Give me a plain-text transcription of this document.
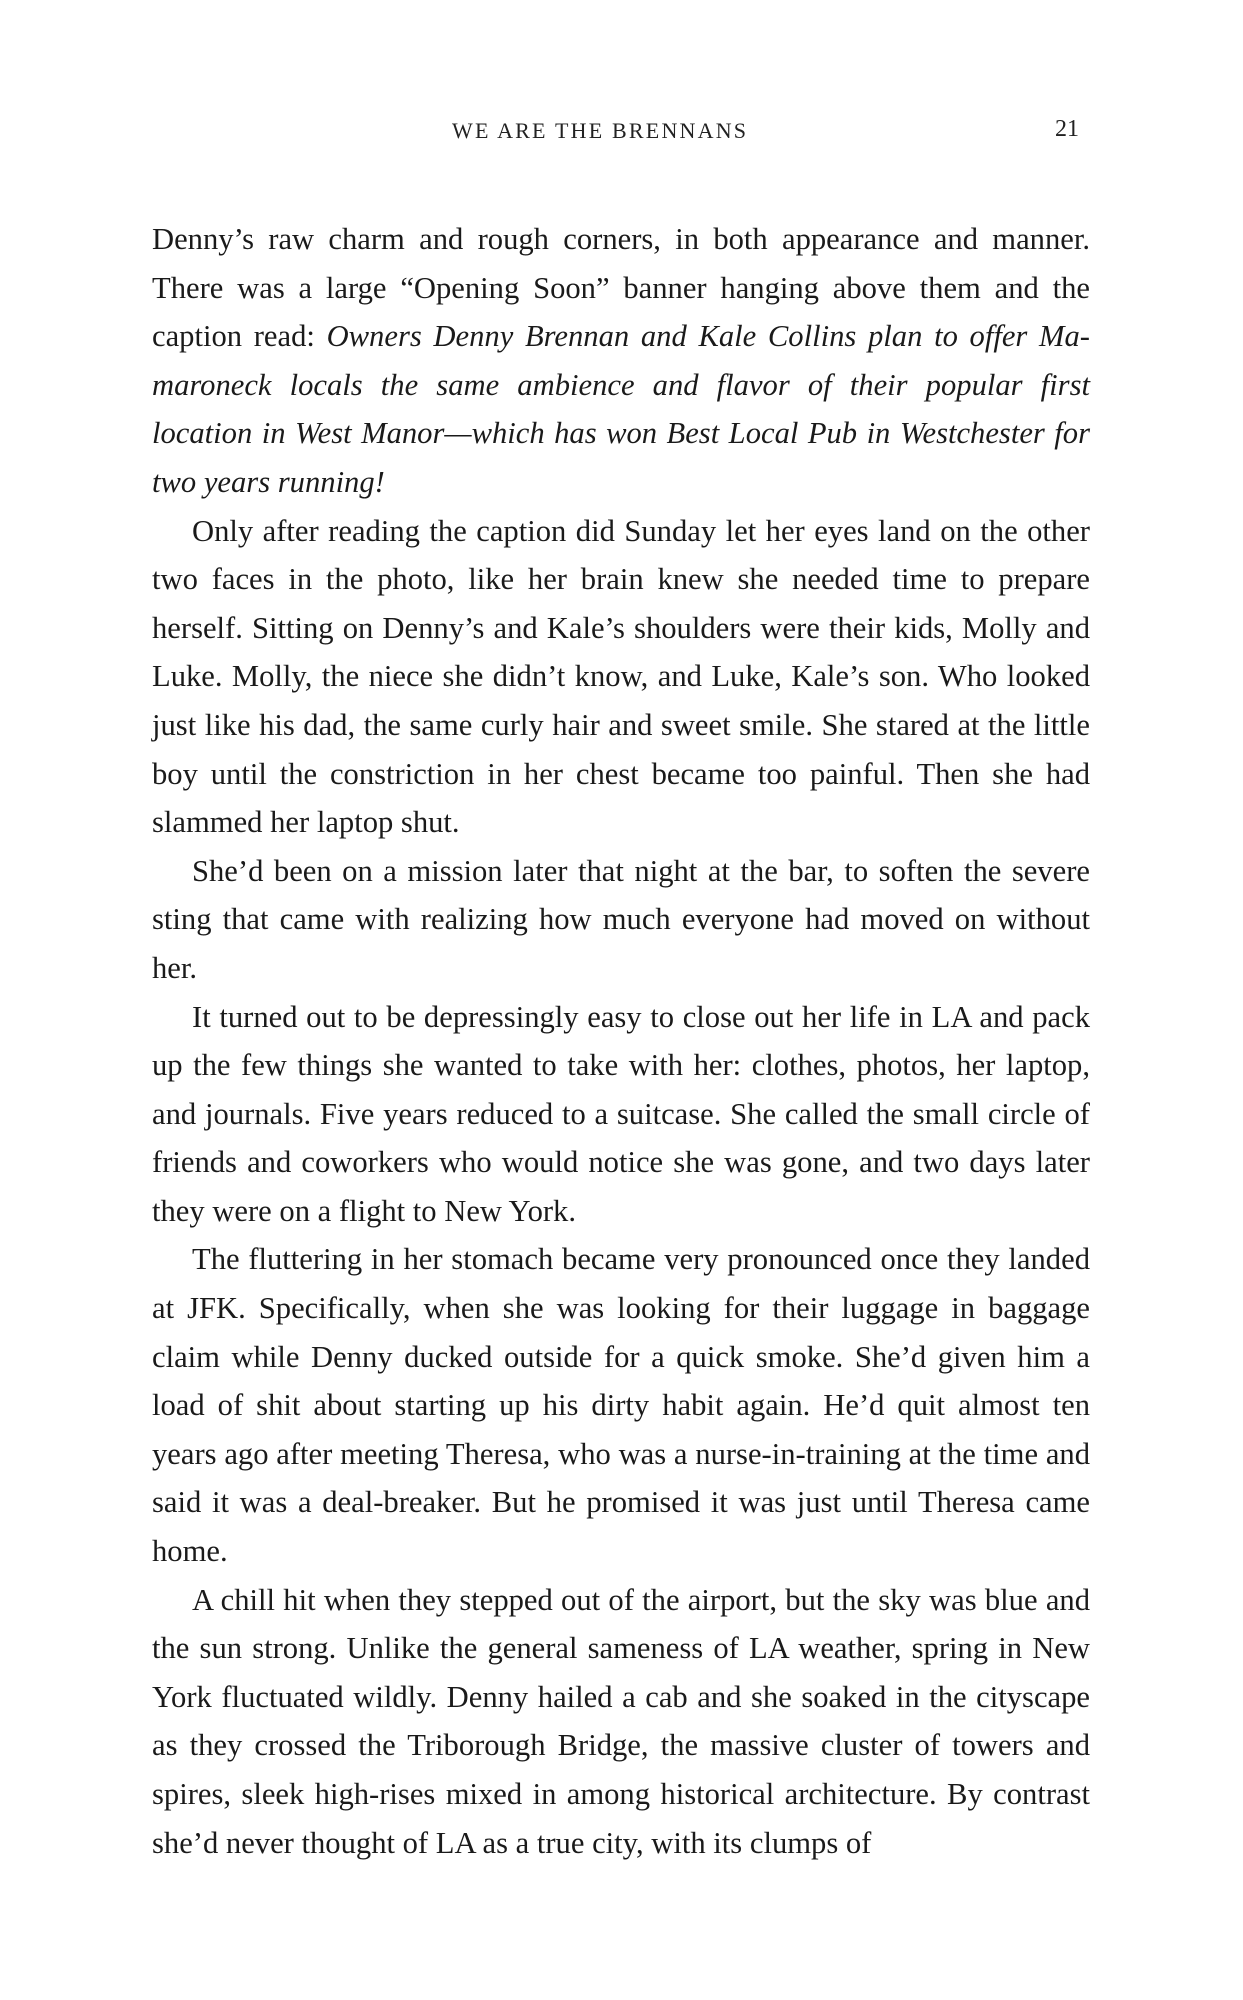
WE ARE THE BRENNANS	21

Denny’s raw charm and rough corners, in both appearance and manner. There was a large “Opening Soon” banner hanging above them and the caption read: Owners Denny Brennan and Kale Collins plan to offer Mamaroneck locals the same ambience and flavor of their popular first location in West Manor—which has won Best Local Pub in Westchester for two years running!

Only after reading the caption did Sunday let her eyes land on the other two faces in the photo, like her brain knew she needed time to prepare herself. Sitting on Denny’s and Kale’s shoulders were their kids, Molly and Luke. Molly, the niece she didn’t know, and Luke, Kale’s son. Who looked just like his dad, the same curly hair and sweet smile. She stared at the little boy until the constriction in her chest became too painful. Then she had slammed her laptop shut.

She’d been on a mission later that night at the bar, to soften the severe sting that came with realizing how much everyone had moved on without her.

It turned out to be depressingly easy to close out her life in LA and pack up the few things she wanted to take with her: clothes, photos, her laptop, and journals. Five years reduced to a suitcase. She called the small circle of friends and coworkers who would notice she was gone, and two days later they were on a flight to New York.

The fluttering in her stomach became very pronounced once they landed at JFK. Specifically, when she was looking for their luggage in baggage claim while Denny ducked outside for a quick smoke. She’d given him a load of shit about starting up his dirty habit again. He’d quit almost ten years ago after meeting Theresa, who was a nurse-in-training at the time and said it was a deal-breaker. But he promised it was just until Theresa came home.

A chill hit when they stepped out of the airport, but the sky was blue and the sun strong. Unlike the general sameness of LA weather, spring in New York fluctuated wildly. Denny hailed a cab and she soaked in the cityscape as they crossed the Triborough Bridge, the massive cluster of towers and spires, sleek high-rises mixed in among historical architecture. By contrast she’d never thought of LA as a true city, with its clumps of
